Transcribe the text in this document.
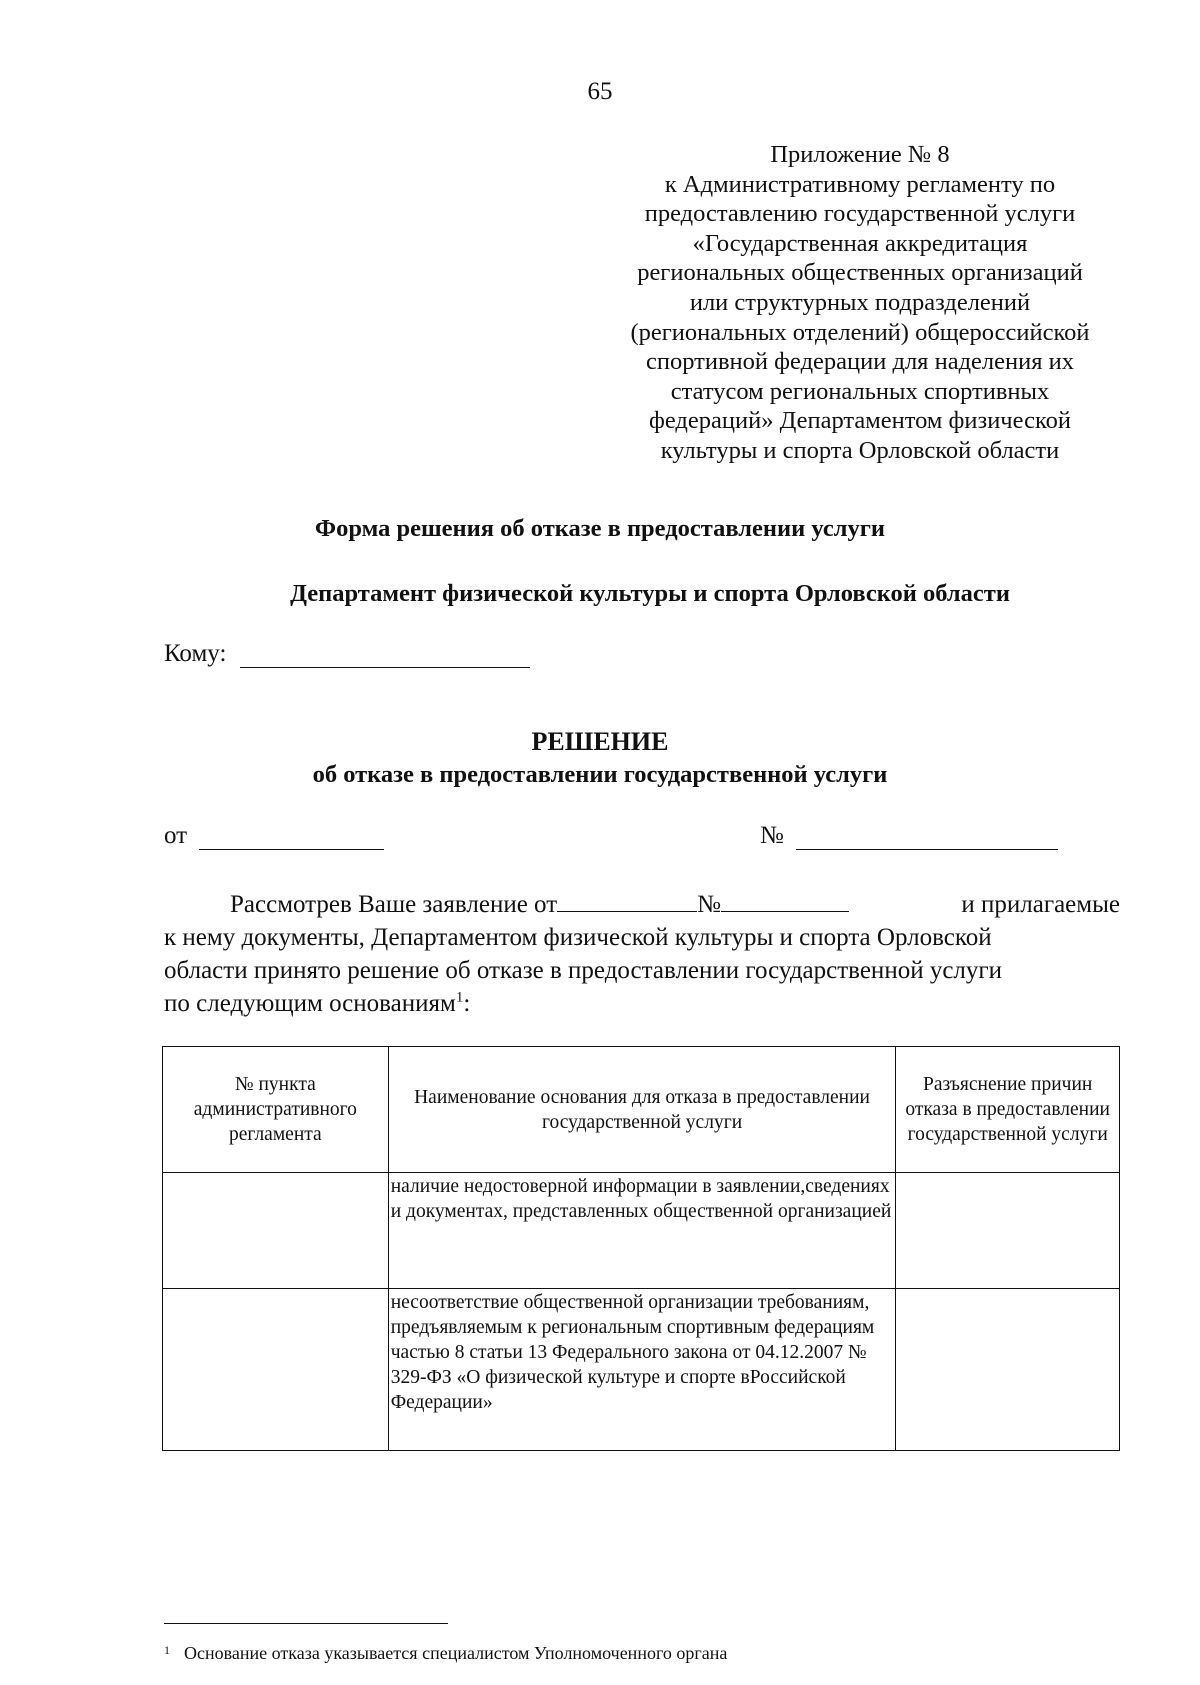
65
Приложение № 8
к Административному регламенту по
предоставлению государственной услуги
«Государственная аккредитация
региональных общественных организаций
или структурных подразделений
(региональных отделений) общероссийской
спортивной федерации для наделения их
статусом региональных спортивных
федераций» Департаментом физической
культуры и спорта Орловской области
Форма решения об отказе в предоставлении услуги
Департамент физической культуры и спорта Орловской области
Кому:
РЕШЕНИЕ
об отказе в предоставлении государственной услуги
от	№
Рассмотрев Ваше заявление от	№	и прилагаемые
к нему документы, Департаментом физической культуры и спорта Орловской
области принято решение об отказе в предоставлении государственной услуги
по следующим основаниям$^1$:
№ пункта административного регламента	Наименование основания для отказа в предоставлении государственной услуги	Разъяснение причин отказа в предоставлении государственной услуги
	наличие недостоверной информации в заявлении,сведениях и документах, представленных общественной организацией	
	несоответствие общественной организации требованиям, предъявляемым к региональным спортивным федерациям частью 8 статьи 13 Федерального закона от 04.12.2007 № 329-ФЗ «О физической культуре и спорте вРоссийской Федерации»	
$^1$ Основание отказа указывается специалистом Уполномоченного органа
